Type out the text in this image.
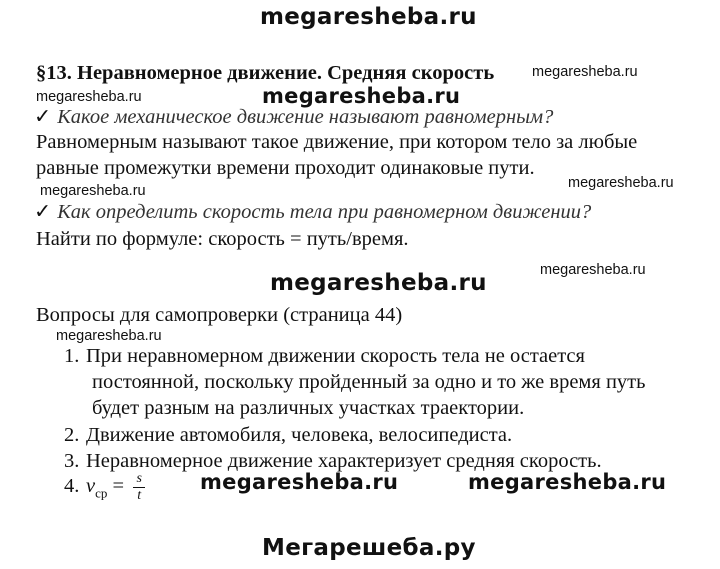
megaresheba.ru
§13. Неравномерное движение. Средняя скорость	megaresheba.ru
megaresheba.ru	megaresheba.ru
✓ Какое механическое движение называют равномерным?
Равномерным называют такое движение, при котором тело за любые
равные промежутки времени проходит одинаковые пути.
megaresheba.ru	megaresheba.ru
✓ Как определить скорость тела при равномерном движении?
Найти по формуле: скорость = путь/время.
megaresheba.ru
megaresheba.ru
Вопросы для самопроверки (страница 44)
megaresheba.ru
1. При неравномерном движении скорость тела не остается
постоянной, поскольку пройденный за одно и то же время путь
будет разным на различных участках траектории.
2. Движение автомобиля, человека, велосипедиста.
3. Неравномерное движение характеризует средняя скорость.
4. $v_{ср} = \frac{s}{t}$	megaresheba.ru	megaresheba.ru
Мегарешеба.ру
